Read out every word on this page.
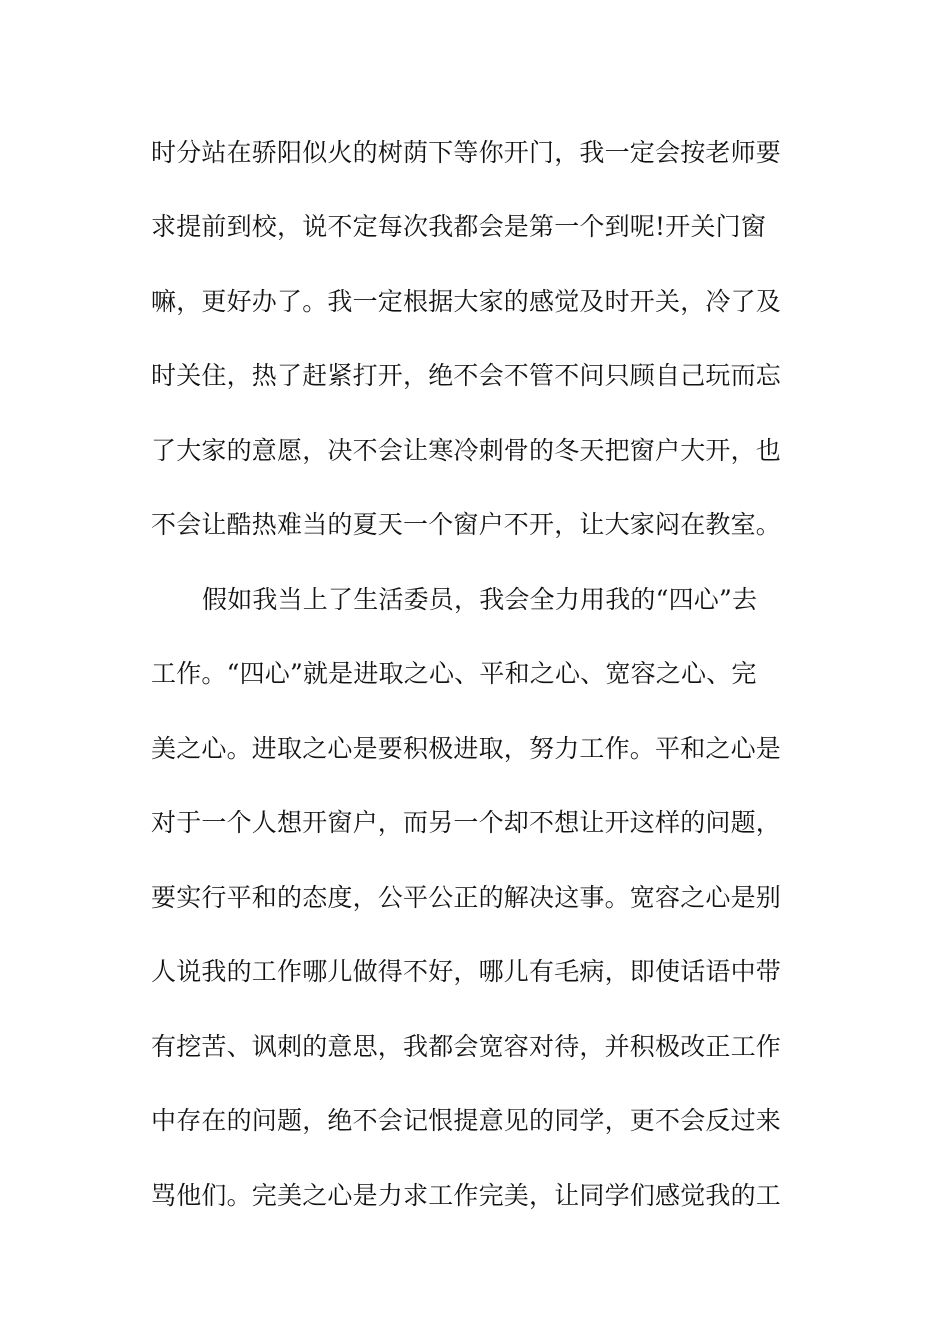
时分站在骄阳似火的树荫下等你开门，我一定会按老师要
求提前到校，说不定每次我都会是第一个到呢!开关门窗
嘛，更好办了。我一定根据大家的感觉及时开关，冷了及
时关住，热了赶紧打开，绝不会不管不问只顾自己玩而忘
了大家的意愿，决不会让寒冷刺骨的冬天把窗户大开，也
不会让酷热难当的夏天一个窗户不开，让大家闷在教室。
假如我当上了生活委员，我会全力用我的“四心”去
工作。“四心”就是进取之心、平和之心、宽容之心、完
美之心。进取之心是要积极进取，努力工作。平和之心是
对于一个人想开窗户，而另一个却不想让开这样的问题，
要实行平和的态度，公平公正的解决这事。宽容之心是别
人说我的工作哪儿做得不好，哪儿有毛病，即使话语中带
有挖苦、讽刺的意思，我都会宽容对待，并积极改正工作
中存在的问题，绝不会记恨提意见的同学，更不会反过来
骂他们。完美之心是力求工作完美，让同学们感觉我的工
